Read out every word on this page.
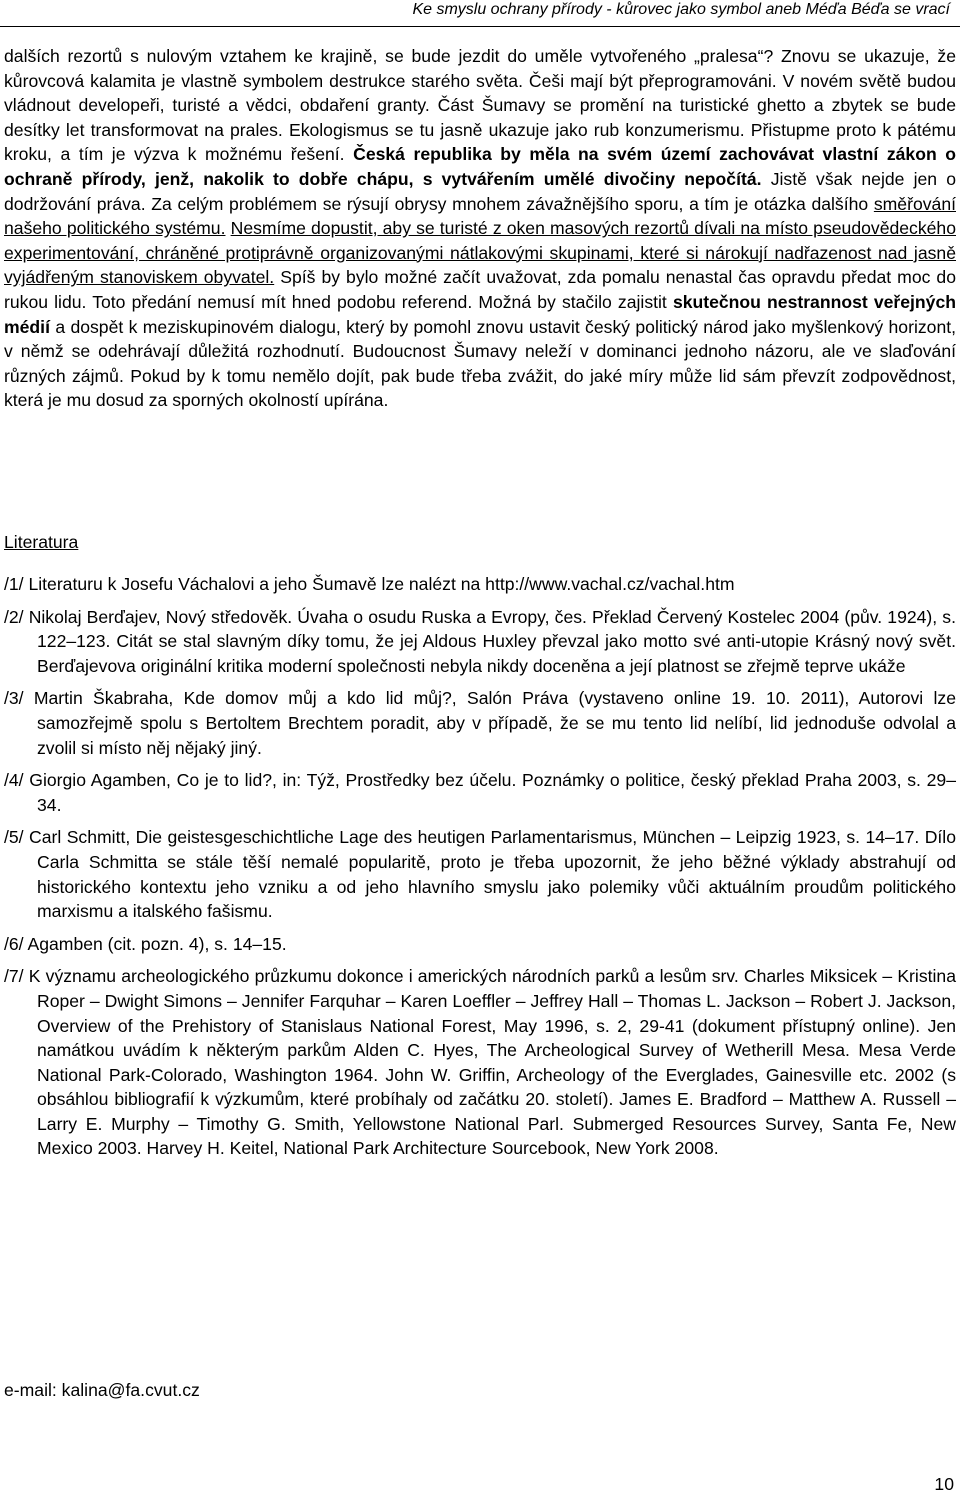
Ke smyslu ochrany přírody - kůrovec jako symbol aneb Méďa Béďa se vrací

dalších rezortů s nulovým vztahem ke krajině, se bude jezdit do uměle vytvořeného „pralesa“? Znovu se ukazuje, že kůrovcová kalamita je vlastně symbolem destrukce starého světa. Češi mají být přeprogramováni. V novém světě budou vládnout developeři, turisté a vědci, obdaření granty. Část Šumavy se promění na turistické ghetto a zbytek se bude desítky let transformovat na prales. Ekologismus se tu jasně ukazuje jako rub konzumerismu. Přistupme proto k pátému kroku, a tím je výzva k možnému řešení. Česká republika by měla na svém území zachovávat vlastní zákon o ochraně přírody, jenž, nakolik to dobře chápu, s vytvářením umělé divočiny nepočítá. Jistě však nejde jen o dodržování práva. Za celým problémem se rýsují obrysy mnohem závažnějšího sporu, a tím je otázka dalšího směřování našeho politického systému. Nesmíme dopustit, aby se turisté z oken masových rezortů dívali na místo pseudovědeckého experimentování, chráněné protiprávně organizovanými nátlakovými skupinami, které si nárokují nadřazenost nad jasně vyjádřeným stanoviskem obyvatel. Spíš by bylo možné začít uvažovat, zda pomalu nenastal čas opravdu předat moc do rukou lidu. Toto předání nemusí mít hned podobu referend. Možná by stačilo zajistit skutečnou nestrannost veřejných médií a dospět k meziskupinovém dialogu, který by pomohl znovu ustavit český politický národ jako myšlenkový horizont, v němž se odehrávají důležitá rozhodnutí. Budoucnost Šumavy neleží v dominanci jednoho názoru, ale ve slaďování různých zájmů. Pokud by k tomu nemělo dojít, pak bude třeba zvážit, do jaké míry může lid sám převzít zodpovědnost, která je mu dosud za sporných okolností upírána.

Literatura

/1/ Literaturu k Josefu Váchalovi a jeho Šumavě lze nalézt na http://www.vachal.cz/vachal.htm

/2/ Nikolaj Berďajev, Nový středověk. Úvaha o osudu Ruska a Evropy, čes. Překlad Červený Kostelec 2004 (pův. 1924), s. 122‒123. Citát se stal slavným díky tomu, že jej Aldous Huxley převzal jako motto své anti-utopie Krásný nový svět. Berďajevova originální kritika moderní společnosti nebyla nikdy doceněna a její platnost se zřejmě teprve ukáže

/3/ Martin Škabraha, Kde domov můj a kdo lid můj?, Salón Práva (vystaveno online 19. 10. 2011), Autorovi lze samozřejmě spolu s Bertoltem Brechtem poradit, aby v případě, že se mu tento lid nelíbí, lid jednoduše odvolal a zvolil si místo něj nějaký jiný.

/4/ Giorgio Agamben, Co je to lid?, in: Týž, Prostředky bez účelu. Poznámky o politice, český překlad Praha 2003, s. 29‒34.

/5/ Carl Schmitt, Die geistesgeschichtliche Lage des heutigen Parlamentarismus, München ‒ Leipzig 1923, s. 14‒17. Dílo Carla Schmitta se stále těší nemalé popularitě, proto je třeba upozornit, že jeho běžné výklady abstrahují od historického kontextu jeho vzniku a od jeho hlavního smyslu jako polemiky vůči aktuálním proudům politického marxismu a italského fašismu.

/6/ Agamben (cit. pozn. 4), s. 14‒15.

/7/ K významu archeologického průzkumu dokonce i amerických národních parků a lesům srv. Charles Miksicek ‒ Kristina Roper ‒ Dwight Simons ‒ Jennifer Farquhar ‒ Karen Loeffler ‒ Jeffrey Hall ‒ Thomas L. Jackson ‒ Robert J. Jackson, Overview of the Prehistory of Stanislaus National Forest, May 1996, s. 2, 29-41 (dokument přístupný online). Jen namátkou uvádím k některým parkům Alden C. Hyes, The Archeological Survey of Wetherill Mesa. Mesa Verde National Park-Colorado, Washington 1964. John W. Griffin, Archeology of the Everglades, Gainesville etc. 2002 (s obsáhlou bibliografií k výzkumům, které probíhaly od začátku 20. století). James E. Bradford ‒ Matthew A. Russell ‒ Larry E. Murphy ‒ Timothy G. Smith, Yellowstone National Parl. Submerged Resources Survey, Santa Fe, New Mexico 2003. Harvey H. Keitel, National Park Architecture Sourcebook, New York 2008.

e-mail: kalina@fa.cvut.cz
10
